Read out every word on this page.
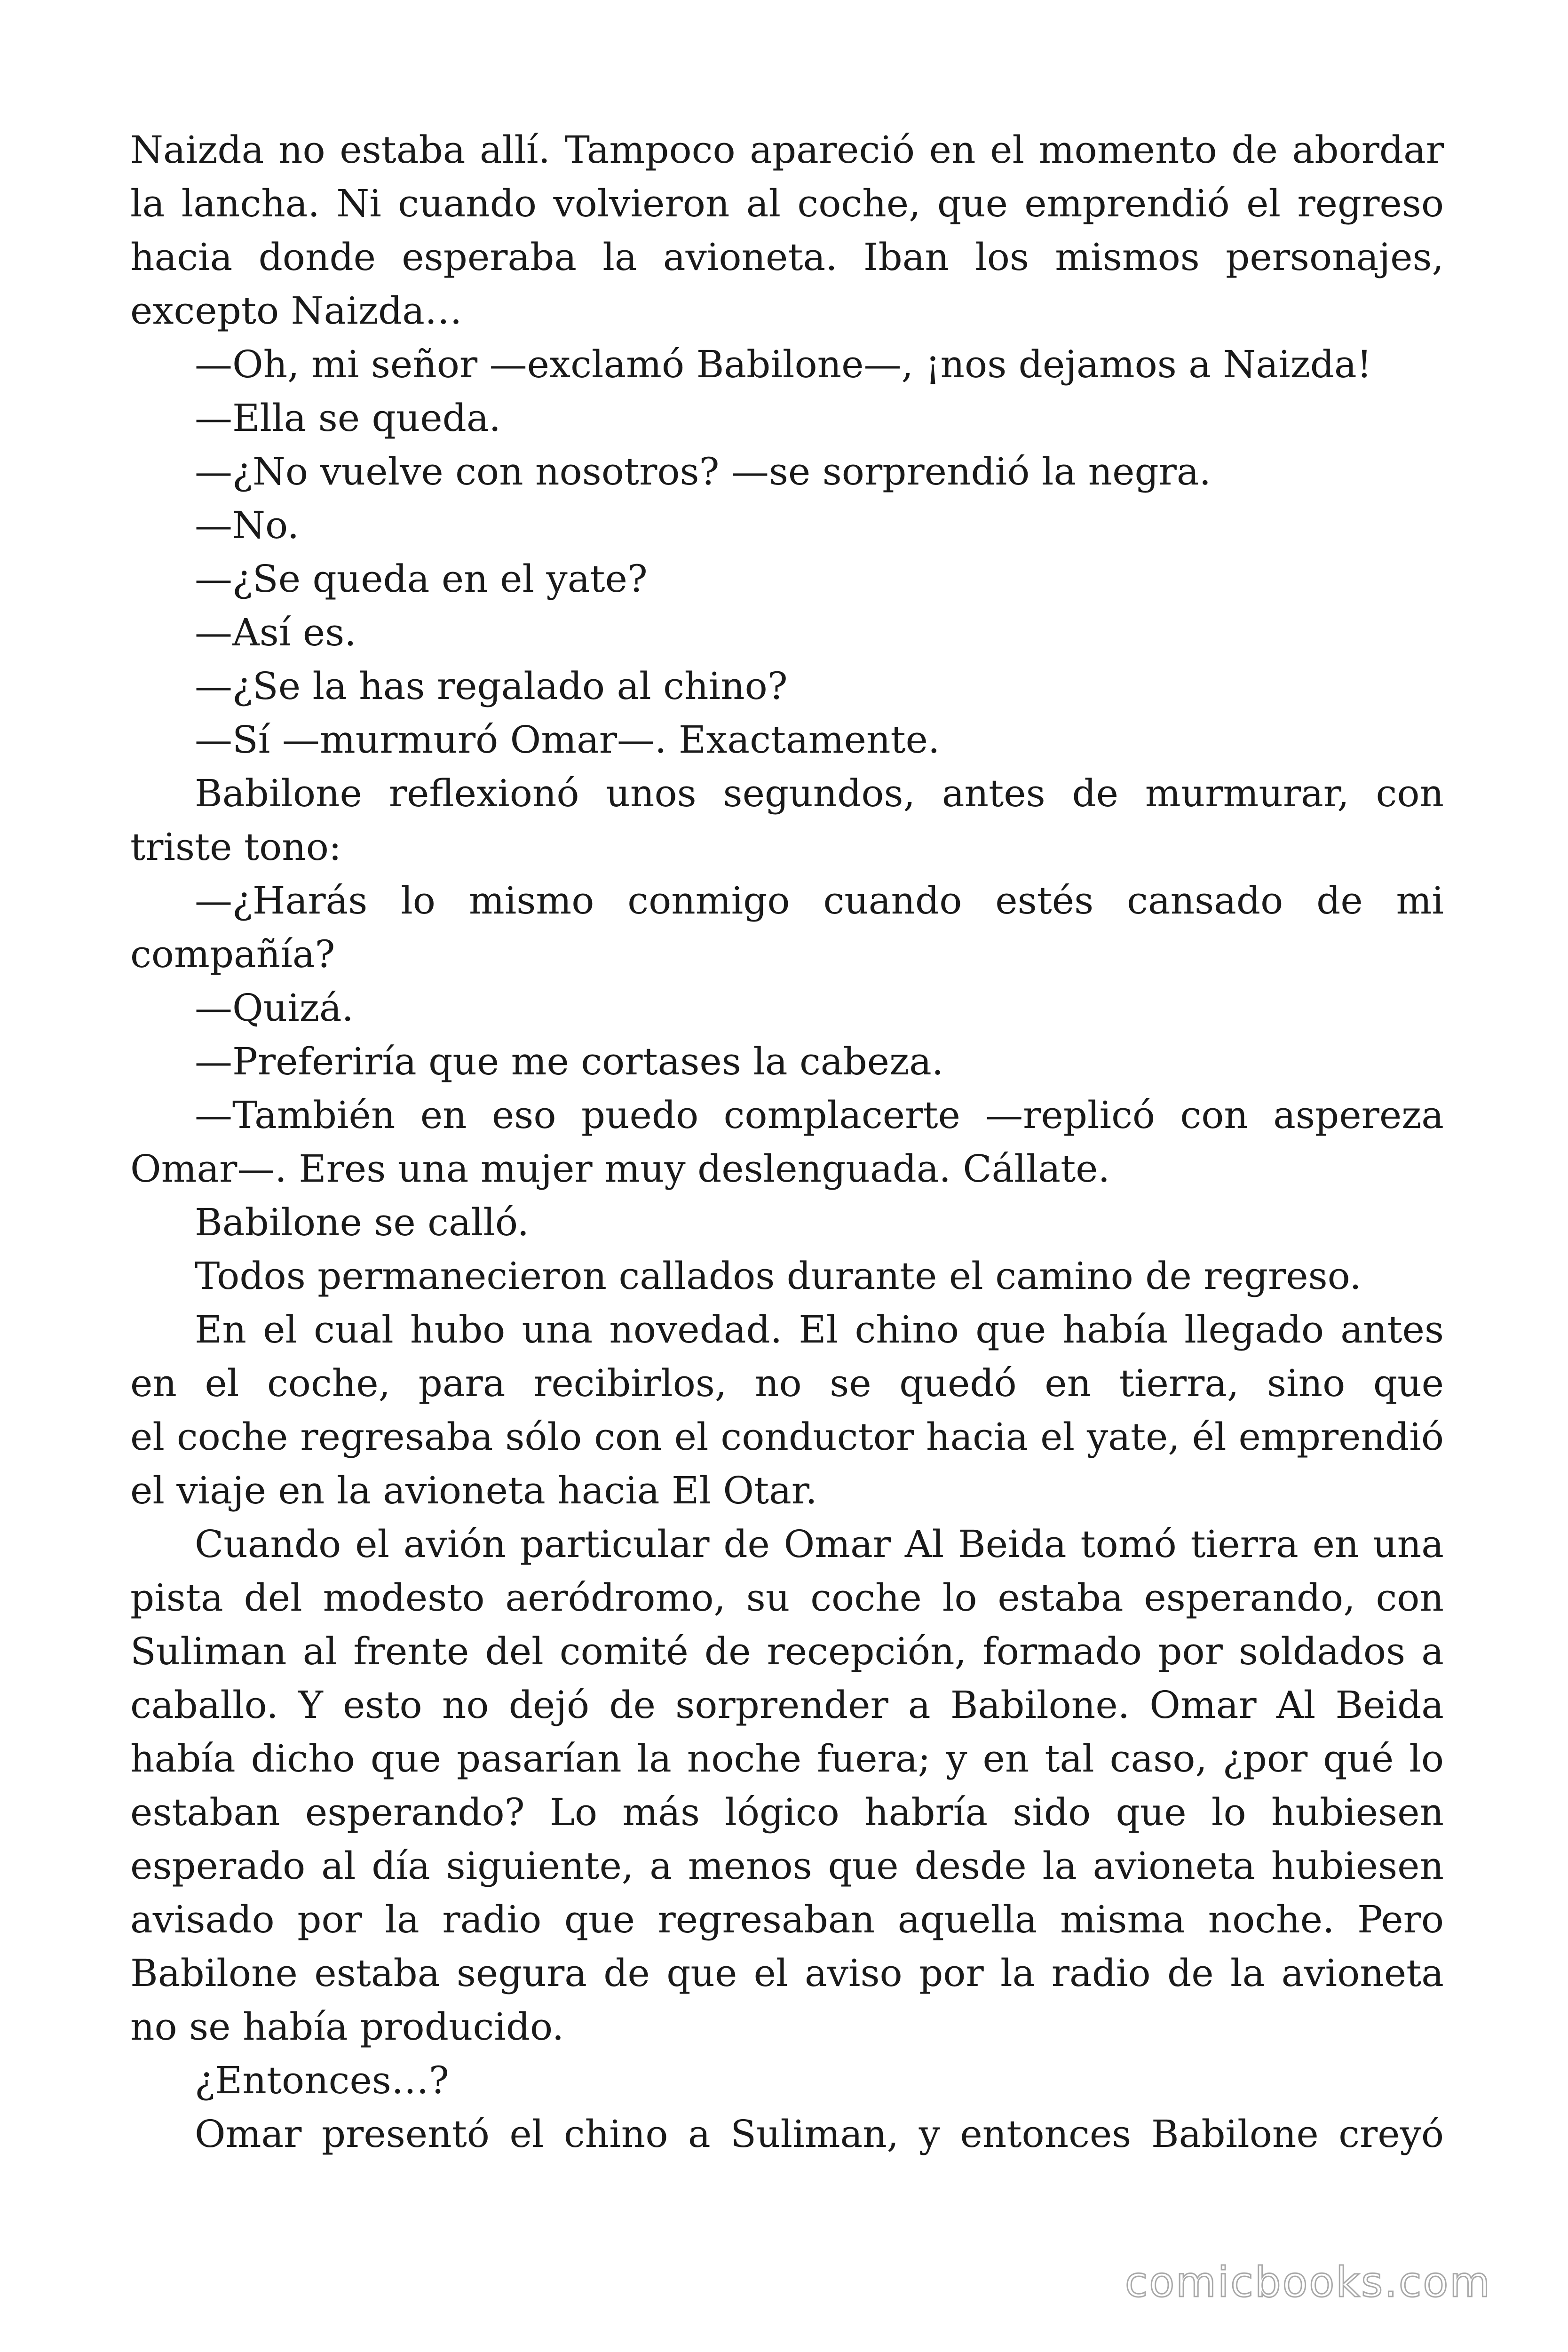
Naizda no estaba allí. Tampoco apareció en el momento de abordar
la lancha. Ni cuando volvieron al coche, que emprendió el regreso
hacia donde esperaba la avioneta. Iban los mismos personajes,
excepto Naizda…
—Oh, mi señor —exclamó Babilone—, ¡nos dejamos a Naizda!
—Ella se queda.
—¿No vuelve con nosotros? —se sorprendió la negra.
—No.
—¿Se queda en el yate?
—Así es.
—¿Se la has regalado al chino?
—Sí —murmuró Omar—. Exactamente.
Babilone reflexionó unos segundos, antes de murmurar, con
triste tono:
—¿Harás lo mismo conmigo cuando estés cansado de mi
compañía?
—Quizá.
—Preferiría que me cortases la cabeza.
—También en eso puedo complacerte —replicó con aspereza
Omar—. Eres una mujer muy deslenguada. Cállate.
Babilone se calló.
Todos permanecieron callados durante el camino de regreso.
En el cual hubo una novedad. El chino que había llegado antes
en el coche, para recibirlos, no se quedó en tierra, sino que
el coche regresaba sólo con el conductor hacia el yate, él emprendió
el viaje en la avioneta hacia El Otar.
Cuando el avión particular de Omar Al Beida tomó tierra en una
pista del modesto aeródromo, su coche lo estaba esperando, con
Suliman al frente del comité de recepción, formado por soldados a
caballo. Y esto no dejó de sorprender a Babilone. Omar Al Beida
había dicho que pasarían la noche fuera; y en tal caso, ¿por qué lo
estaban esperando? Lo más lógico habría sido que lo hubiesen
esperado al día siguiente, a menos que desde la avioneta hubiesen
avisado por la radio que regresaban aquella misma noche. Pero
Babilone estaba segura de que el aviso por la radio de la avioneta
no se había producido.
¿Entonces…?
Omar presentó el chino a Suliman, y entonces Babilone creyó
comicbooks.com
